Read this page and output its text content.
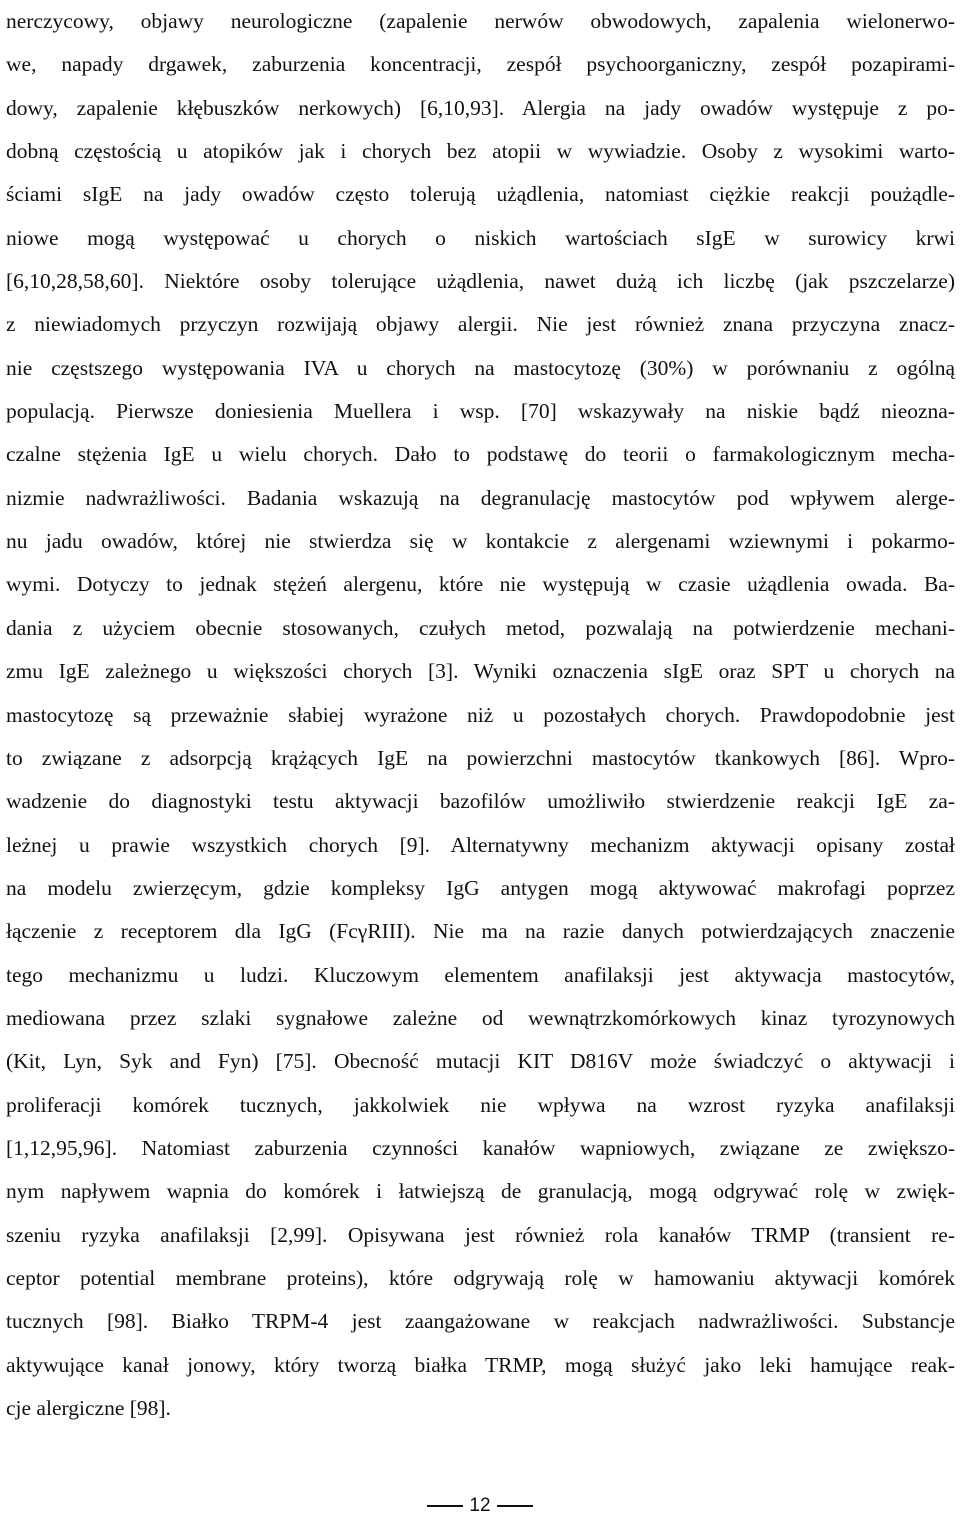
nerczycowy, objawy neurologiczne (zapalenie nerwów obwodowych, zapalenia wielonerwo-
we, napady drgawek, zaburzenia koncentracji, zespół psychoorganiczny, zespół pozapirami-
dowy, zapalenie kłębuszków nerkowych) [6,10,93]. Alergia na jady owadów występuje z po-
dobną częstością u atopików jak i chorych bez atopii w wywiadzie. Osoby z wysokimi warto-
ściami sIgE na jady owadów często tolerują użądlenia, natomiast ciężkie reakcji poużądle-
niowe mogą występować u chorych o niskich wartościach sIgE w surowicy krwi
[6,10,28,58,60]. Niektóre osoby tolerujące użądlenia, nawet dużą ich liczbę (jak pszczelarze)
z niewiadomych przyczyn rozwijają objawy alergii. Nie jest również znana przyczyna znacz-
nie częstszego występowania IVA u chorych na mastocytozę (30%) w porównaniu z ogólną
populacją. Pierwsze doniesienia Muellera i wsp. [70] wskazywały na niskie bądź nieozna-
czalne stężenia IgE u wielu chorych. Dało to podstawę do teorii o farmakologicznym mecha-
nizmie nadwrażliwości. Badania wskazują na degranulację mastocytów pod wpływem alerge-
nu jadu owadów, której nie stwierdza się w kontakcie z alergenami wziewnymi i pokarmo-
wymi. Dotyczy to jednak stężeń alergenu, które nie występują w czasie użądlenia owada. Ba-
dania z użyciem obecnie stosowanych, czułych metod, pozwalają na potwierdzenie mechani-
zmu IgE zależnego u większości chorych [3]. Wyniki oznaczenia sIgE oraz SPT u chorych na
mastocytozę są przeważnie słabiej wyrażone niż u pozostałych chorych. Prawdopodobnie jest
to związane z adsorpcją krążących IgE na powierzchni mastocytów tkankowych [86]. Wpro-
wadzenie do diagnostyki testu aktywacji bazofilów umożliwiło stwierdzenie reakcji IgE za-
leżnej u prawie wszystkich chorych [9]. Alternatywny mechanizm aktywacji opisany został
na modelu zwierzęcym, gdzie kompleksy IgG antygen mogą aktywować makrofagi poprzez
łączenie z receptorem dla IgG (FcγRIII). Nie ma na razie danych potwierdzających znaczenie
tego mechanizmu u ludzi. Kluczowym elementem anafilaksji jest aktywacja mastocytów,
mediowana przez szlaki sygnałowe zależne od wewnątrzkomórkowych kinaz tyrozynowych
(Kit, Lyn, Syk and Fyn) [75]. Obecność mutacji KIT D816V może świadczyć o aktywacji i
proliferacji komórek tucznych, jakkolwiek nie wpływa na wzrost ryzyka anafilaksji
[1,12,95,96]. Natomiast zaburzenia czynności kanałów wapniowych, związane ze zwiększo-
nym napływem wapnia do komórek i łatwiejszą de granulacją, mogą odgrywać rolę w zwięk-
szeniu ryzyka anafilaksji [2,99]. Opisywana jest również rola kanałów TRMP (transient re-
ceptor potential membrane proteins), które odgrywają rolę w hamowaniu aktywacji komórek
tucznych [98]. Białko TRPM-4 jest zaangażowane w reakcjach nadwrażliwości. Substancje
aktywujące kanał jonowy, który tworzą białka TRMP, mogą służyć jako leki hamujące reak-
cje alergiczne [98].
12
